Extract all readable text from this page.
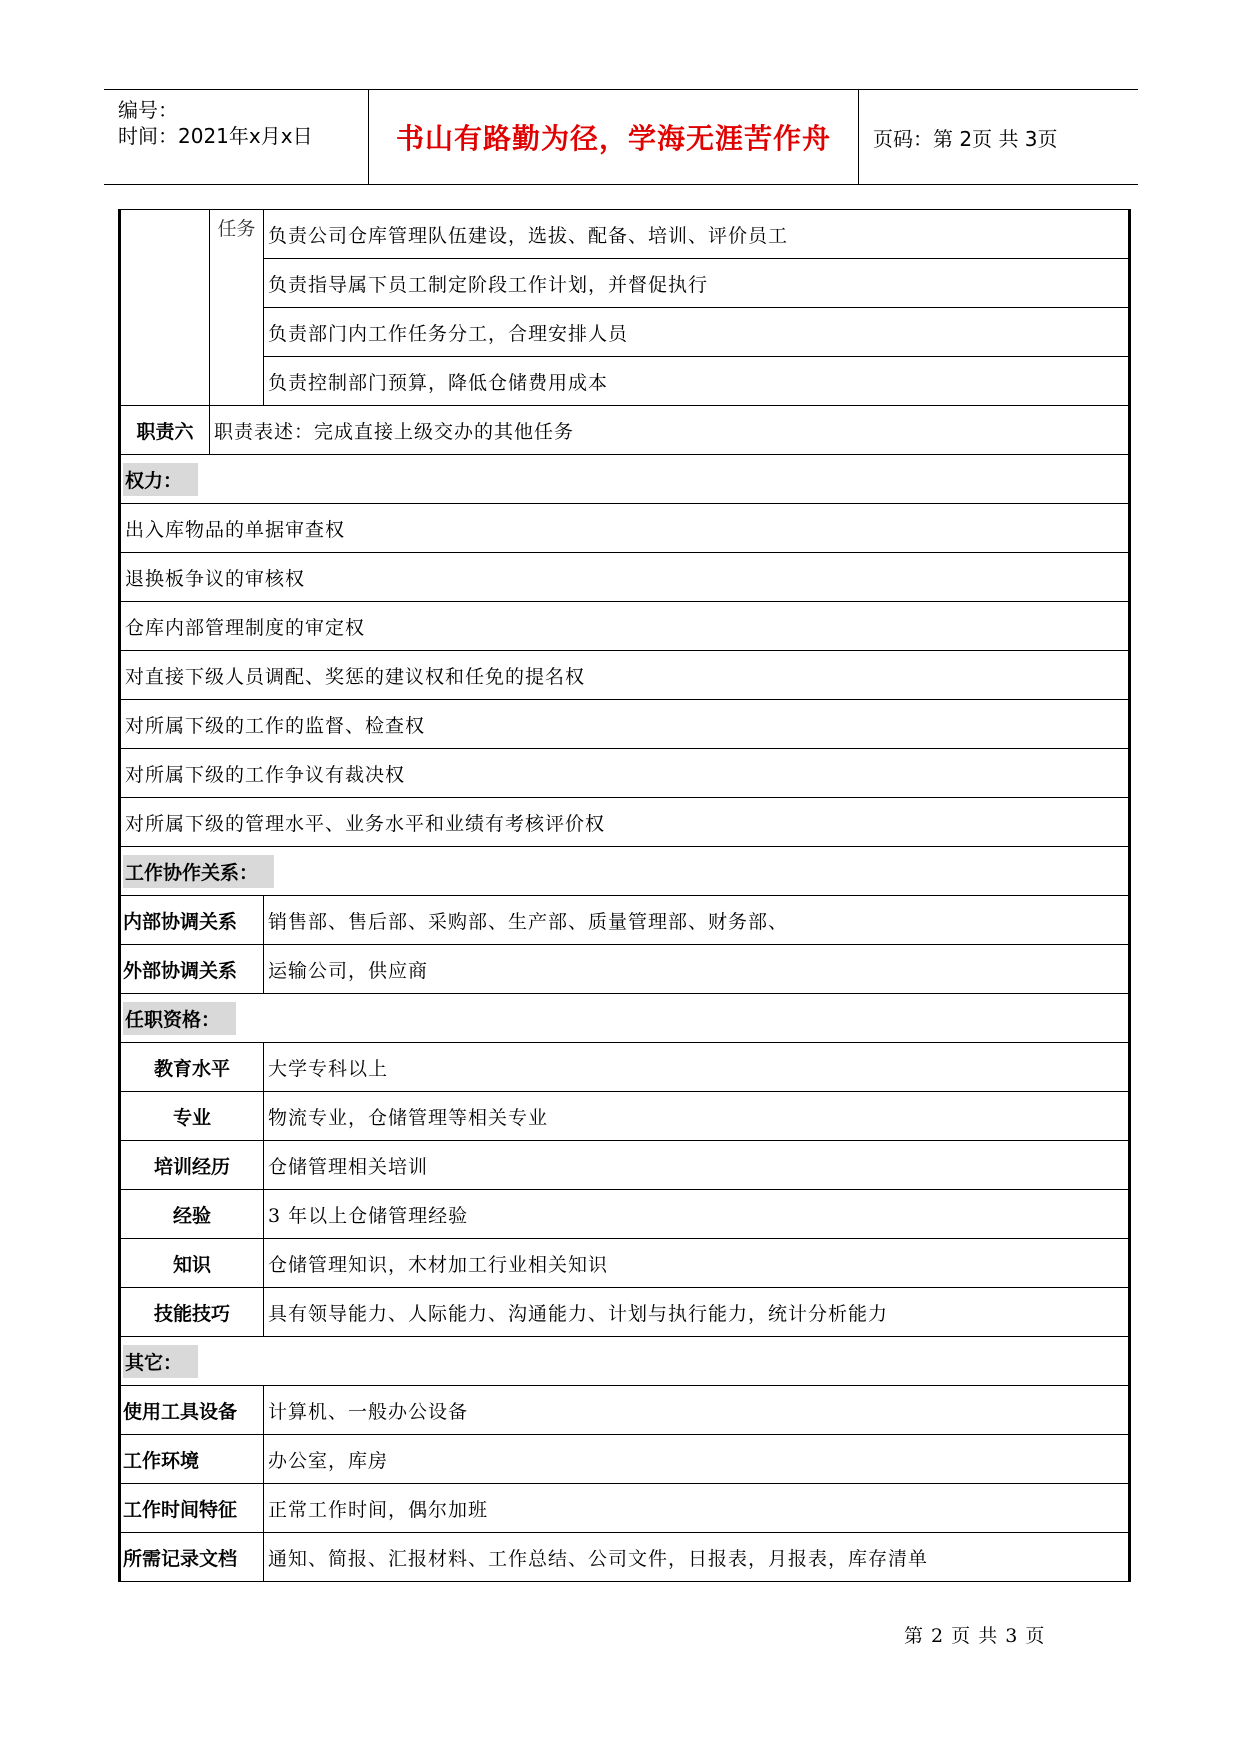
编号：
时间：2021年x月x日	书山有路勤为径，学海无涯苦作舟	页码：第 2页 共 3页
	任务	负责公司仓库管理队伍建设，选拔、配备、培训、评价员工
		负责指导属下员工制定阶段工作计划，并督促执行
		负责部门内工作任务分工，合理安排人员
		负责控制部门预算，降低仓储费用成本
职责六	职责表述：完成直接上级交办的其他任务	
权力：		
出入库物品的单据审查权		
退换板争议的审核权		
仓库内部管理制度的审定权		
对直接下级人员调配、奖惩的建议权和任免的提名权		
对所属下级的工作的监督、检查权		
对所属下级的工作争议有裁决权		
对所属下级的管理水平、业务水平和业绩有考核评价权		
工作协作关系：		
内部协调关系		销售部、售后部、采购部、生产部、质量管理部、财务部、
外部协调关系		运输公司，供应商
任职资格：		
教育水平		大学专科以上
专业		物流专业，仓储管理等相关专业
培训经历		仓储管理相关培训
经验		3 年以上仓储管理经验
知识		仓储管理知识，木材加工行业相关知识
技能技巧		具有领导能力、人际能力、沟通能力、计划与执行能力，统计分析能力
其它：		
使用工具设备		计算机、一般办公设备
工作环境		办公室，库房
工作时间特征		正常工作时间，偶尔加班
所需记录文档		通知、简报、汇报材料、工作总结、公司文件，日报表，月报表，库存清单
第 2 页 共 3 页
